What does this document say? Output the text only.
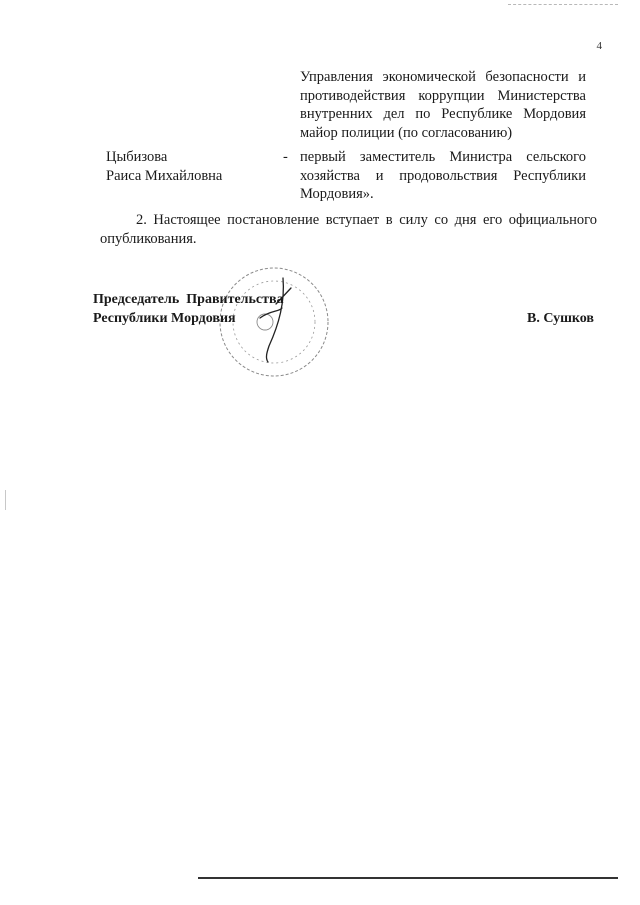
4
Управления экономической безопасности и противодействия коррупции Министерства внутренних дел по Республике Мордовия майор полиции (по согласованию)
Цыбизова
Раиса Михайловна
- первый заместитель Министра сельского хозяйства и продовольствия Республики Мордовия».
2. Настоящее постановление вступает в силу со дня его официального опубликования.
Председатель  Правительства
Республики Мордовия	В. Сушков
